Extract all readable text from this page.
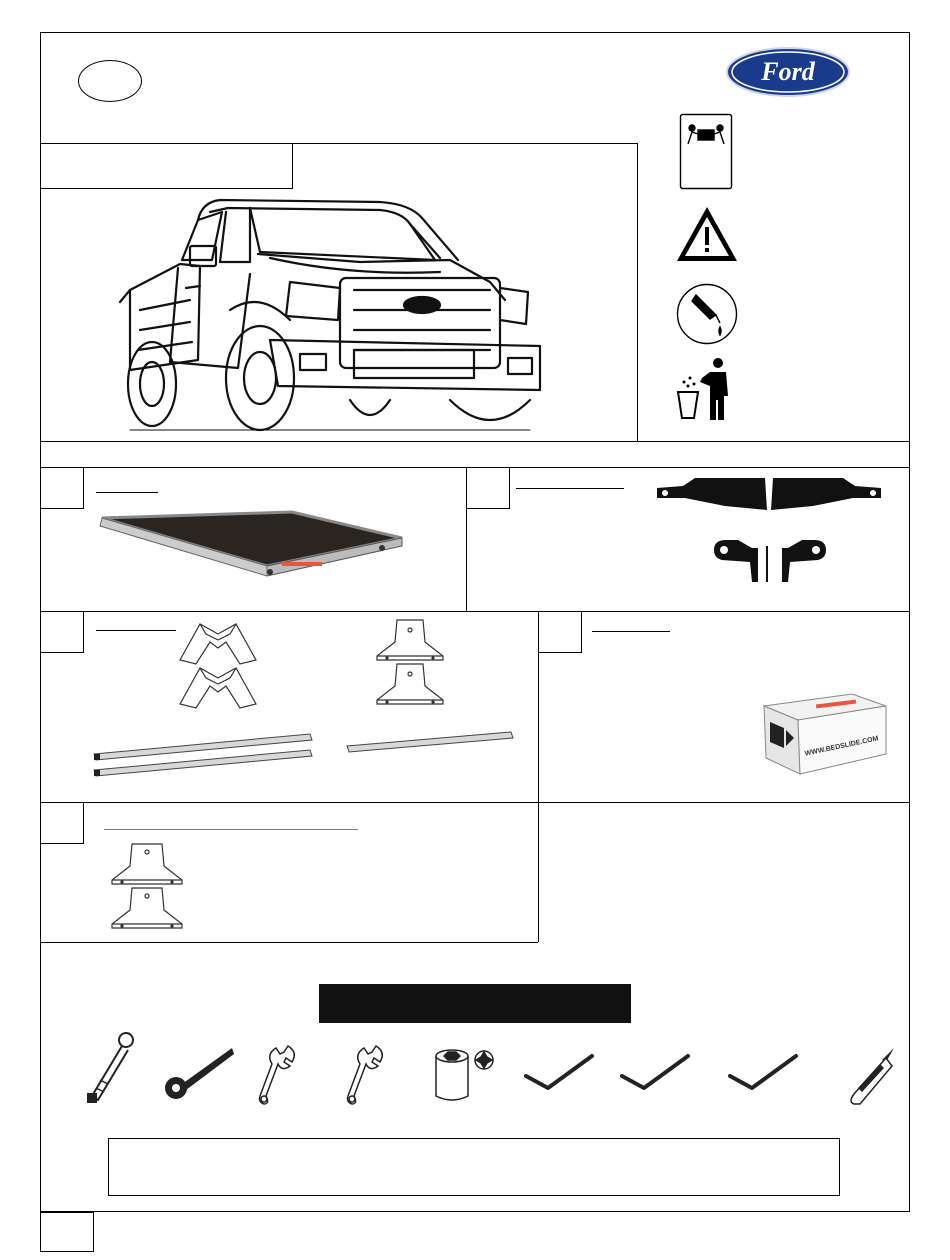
Ford
WWW.BEDSLIDE.COM
